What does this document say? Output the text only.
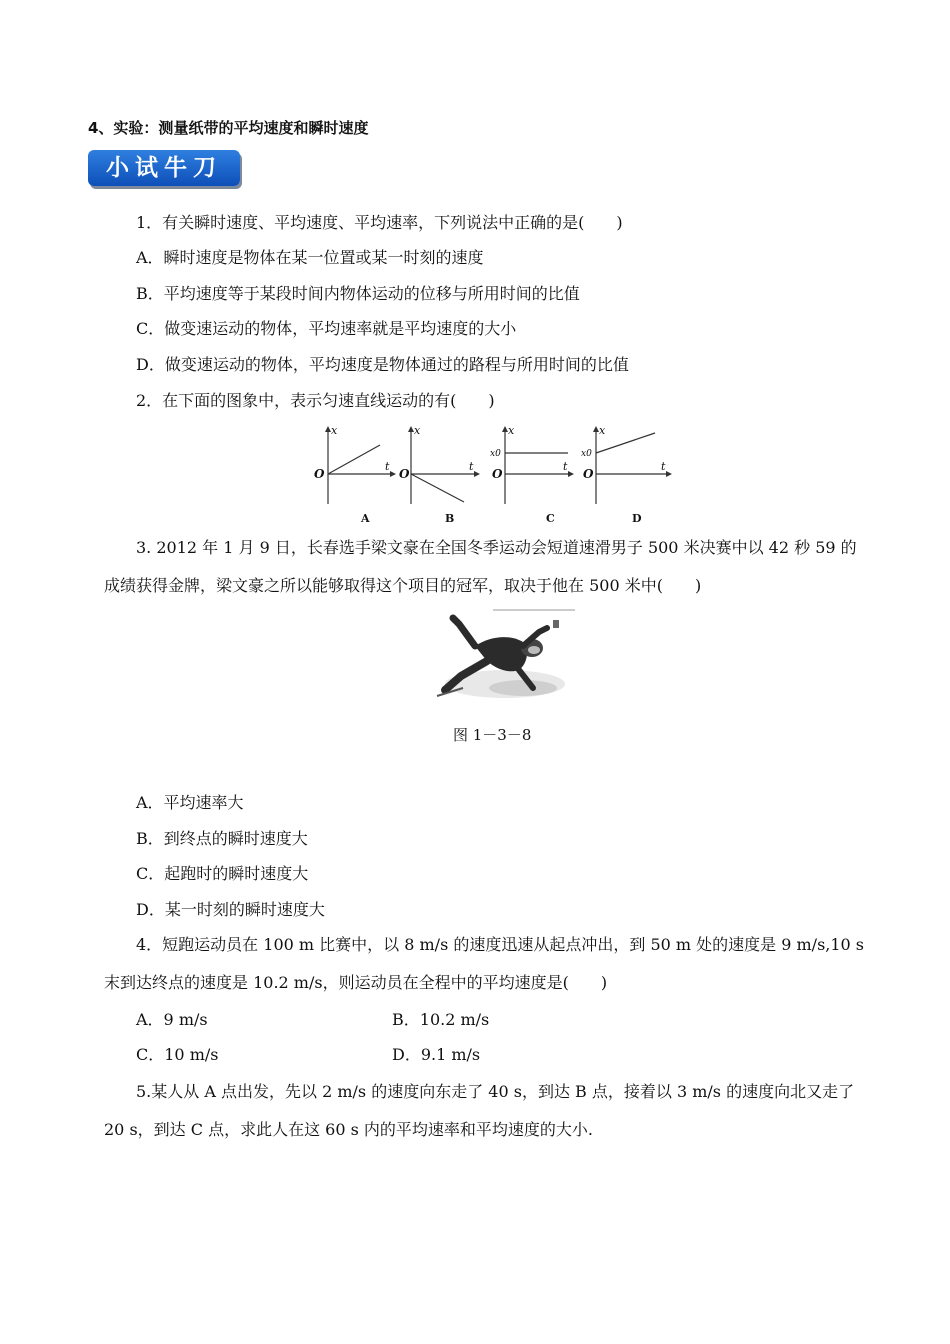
4、实验：测量纸带的平均速度和瞬时速度
小试牛刀
1．有关瞬时速度、平均速度、平均速率，下列说法中正确的是(　　)
A．瞬时速度是物体在某一位置或某一时刻的速度
B．平均速度等于某段时间内物体运动的位移与所用时间的比值
C．做变速运动的物体，平均速率就是平均速度的大小
D．做变速运动的物体，平均速度是物体通过的路程与所用时间的比值
2．在下面的图象中，表示匀速直线运动的有(　　)
x
t
x
t
x
t
x
t
O	O	O	O
x0	x0
A	B	C	D
3. 2012 年 1 月 9 日，长春选手梁文豪在全国冬季运动会短道速滑男子 500 米决赛中以 42 秒 59 的
成绩获得金牌，梁文豪之所以能够取得这个项目的冠军，取决于他在 500 米中(　　)
图 1－3－8
A．平均速率大
B．到终点的瞬时速度大
C．起跑时的瞬时速度大
D．某一时刻的瞬时速度大
4．短跑运动员在 100 m 比赛中，以 8 m/s 的速度迅速从起点冲出，到 50 m 处的速度是 9 m/s,10 s
末到达终点的速度是 10.2 m/s，则运动员在全程中的平均速度是(　　)
A．9 m/s	B．10.2 m/s
C．10 m/s	D．9.1 m/s
5.某人从 A 点出发，先以 2 m/s 的速度向东走了 40 s，到达 B 点，接着以 3 m/s 的速度向北又走了
20 s，到达 C 点，求此人在这 60 s 内的平均速率和平均速度的大小.
